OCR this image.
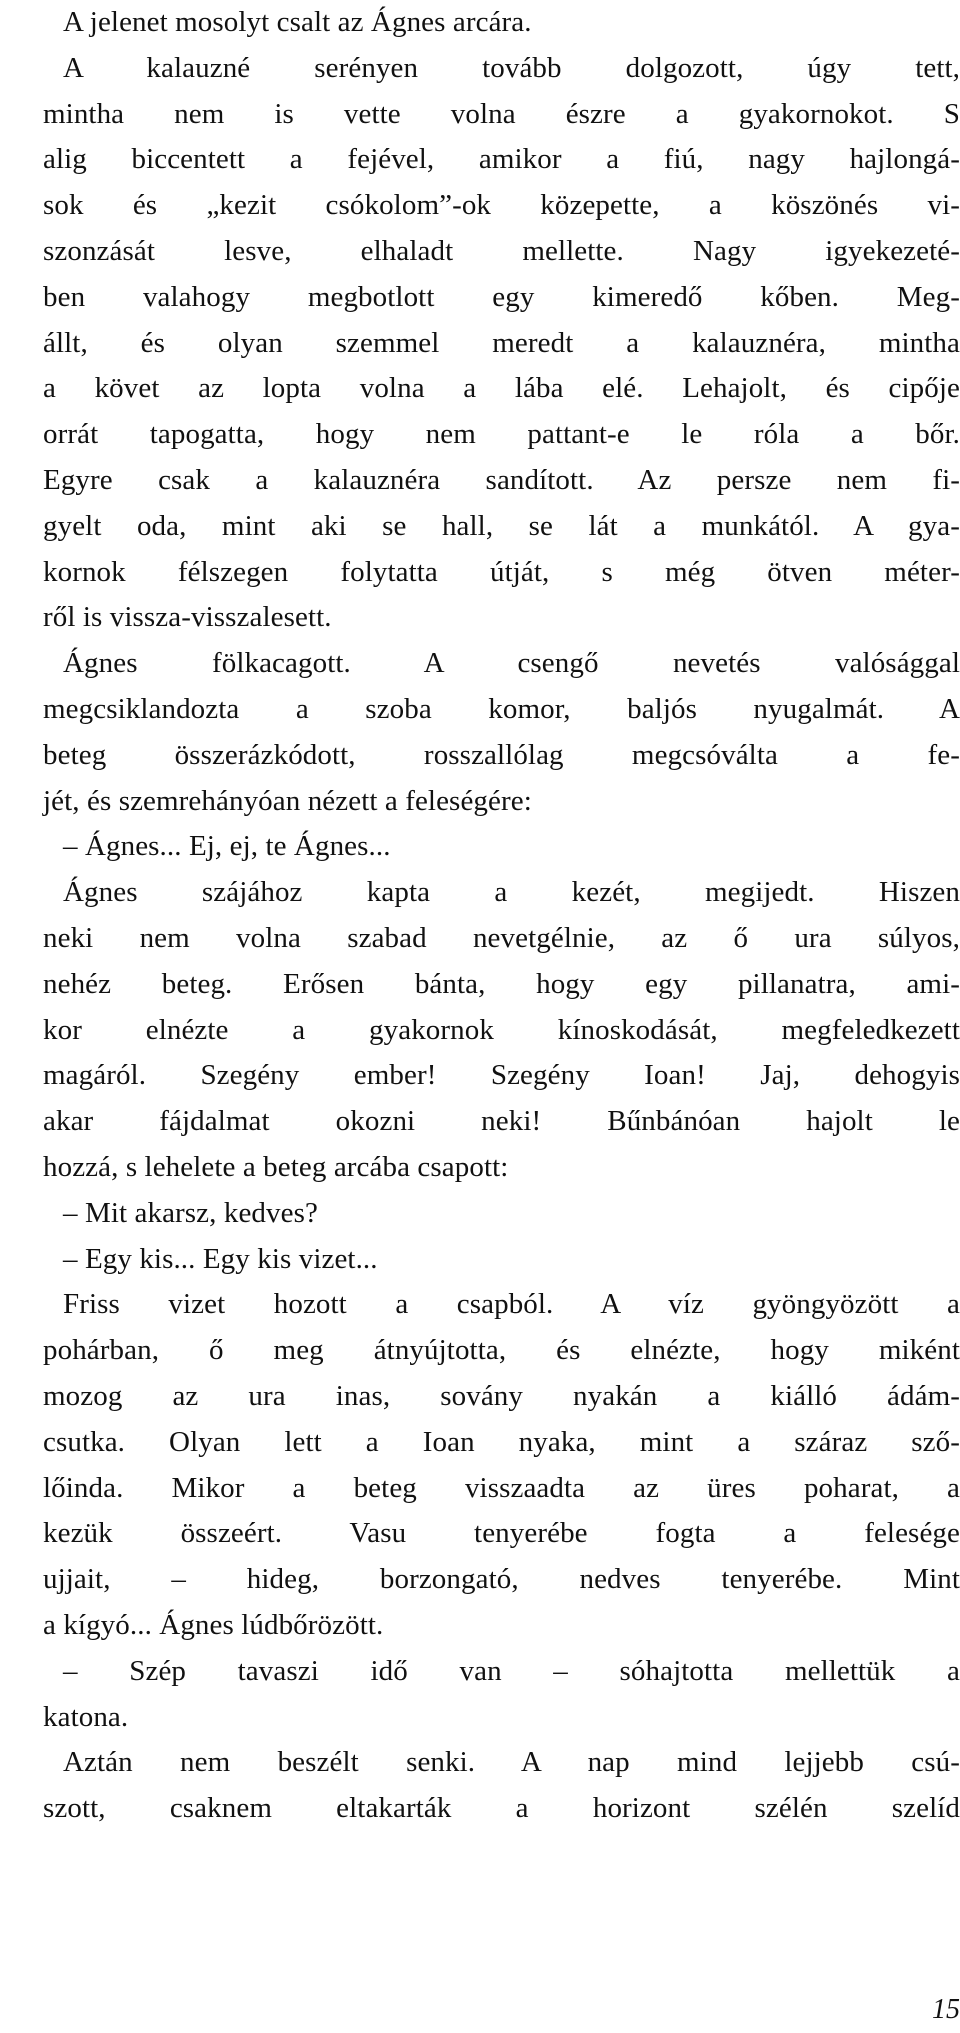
15
A jelenet mosolyt csalt az Ágnes arcára.
A kalauzné serényen tovább dolgozott, úgy tett,
mintha nem is vette volna észre a gyakornokot. S
alig biccentett a fejével, amikor a fiú, nagy hajlongá-
sok és „kezit csókolom”-ok közepette, a köszönés vi-
szonzását lesve, elhaladt mellette. Nagy igyekezeté-
ben valahogy megbotlott egy kimeredő kőben. Meg-
állt, és olyan szemmel meredt a kalauznéra, mintha
a követ az lopta volna a lába elé. Lehajolt, és cipője
orrát tapogatta, hogy nem pattant-e le róla a bőr.
Egyre csak a kalauznéra sandított. Az persze nem fi-
gyelt oda, mint aki se hall, se lát a munkától. A gya-
kornok félszegen folytatta útját, s még ötven méter-
ről is vissza-visszalesett.
Ágnes fölkacagott. A csengő nevetés valósággal
megcsiklandozta a szoba komor, baljós nyugalmát. A
beteg összerázkódott, rosszallólag megcsóválta a fe-
jét, és szemrehányóan nézett a feleségére:
– Ágnes... Ej, ej, te Ágnes...
Ágnes szájához kapta a kezét, megijedt. Hiszen
neki nem volna szabad nevetgélnie, az ő ura súlyos,
nehéz beteg. Erősen bánta, hogy egy pillanatra, ami-
kor elnézte a gyakornok kínoskodását, megfeledkezett
magáról. Szegény ember! Szegény Ioan! Jaj, dehogyis
akar fájdalmat okozni neki! Bűnbánóan hajolt le
hozzá, s lehelete a beteg arcába csapott:
– Mit akarsz, kedves?
– Egy kis... Egy kis vizet...
Friss vizet hozott a csapból. A víz gyöngyözött a
pohárban, ő meg átnyújtotta, és elnézte, hogy miként
mozog az ura inas, sovány nyakán a kiálló ádám-
csutka. Olyan lett a Ioan nyaka, mint a száraz sző-
lőinda. Mikor a beteg visszaadta az üres poharat, a
kezük összeért. Vasu tenyerébe fogta a felesége
ujjait, – hideg, borzongató, nedves tenyerébe. Mint
a kígyó... Ágnes lúdbőrözött.
– Szép tavaszi idő van – sóhajtotta mellettük a
katona.
Aztán nem beszélt senki. A nap mind lejjebb csú-
szott, csaknem eltakarták a horizont szélén szelíd
